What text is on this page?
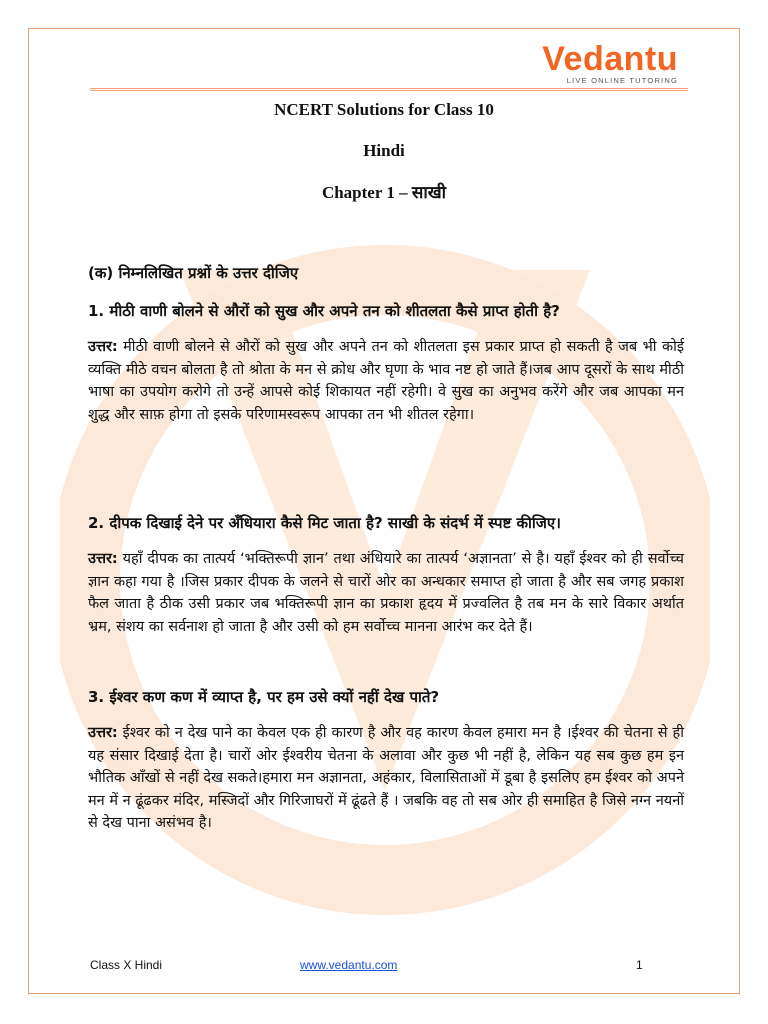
Vedantu
LIVE ONLINE TUTORING
NCERT Solutions for Class 10
Hindi
Chapter 1 – साखी
(क) निम्नलिखित प्रश्नों के उत्तर दीजिए
1. मीठी वाणी बोलने से औरों को सुख और अपने तन को शीतलता कैसे प्राप्त होती है?
उत्तर: मीठी वाणी बोलने से औरों को सुख और अपने तन को शीतलता इस प्रकार प्राप्त हो सकती है जब भी कोई व्यक्ति मीठे वचन बोलता है तो श्रोता के मन से क्रोध और घृणा के भाव नष्ट हो जाते हैं।जब आप दूसरों के साथ मीठी भाषा का उपयोग करोगे तो उन्हें आपसे कोई शिकायत नहीं रहेगी। वे सुख का अनुभव करेंगे और जब आपका मन शुद्ध और साफ़ होगा तो इसके परिणामस्वरूप आपका तन भी शीतल रहेगा।
2. दीपक दिखाई देने पर अँधियारा कैसे मिट जाता है? साखी के संदर्भ में स्पष्ट कीजिए।
उत्तर: यहाँ दीपक का तात्पर्य ‘भक्तिरूपी ज्ञान’ तथा अंधियारे का तात्पर्य ‘अज्ञानता’ से है। यहाँ ईश्वर को ही सर्वोच्च ज्ञान कहा गया है ।जिस प्रकार दीपक के जलने से चारों ओर का अन्धकार समाप्त हो जाता है और सब जगह प्रकाश फैल जाता है ठीक उसी प्रकार जब भक्तिरूपी ज्ञान का प्रकाश हृदय में प्रज्वलित है तब मन के सारे विकार अर्थात भ्रम, संशय का सर्वनाश हो जाता है और उसी को हम सर्वोच्च मानना आरंभ कर देते हैं।
3. ईश्वर कण कण में व्याप्त है, पर हम उसे क्यों नहीं देख पाते?
उत्तर: ईश्वर को न देख पाने का केवल एक ही कारण है और वह कारण केवल हमारा मन है ।ईश्वर की चेतना से ही यह संसार दिखाई देता है। चारों ओर ईश्वरीय चेतना के अलावा और कुछ भी नहीं है, लेकिन यह सब कुछ हम इन भौतिक आँखों से नहीं देख सकते।हमारा मन अज्ञानता, अहंकार, विलासिताओं में डूबा है इसलिए हम ईश्वर को अपने मन में न ढूंढकर मंदिर, मस्जिदों और गिरिजाघरों में ढूंढते हैं । जबकि वह तो सब ओर ही समाहित है जिसे नग्न नयनों से देख पाना असंभव है।
Class X Hindi	www.vedantu.com	1
